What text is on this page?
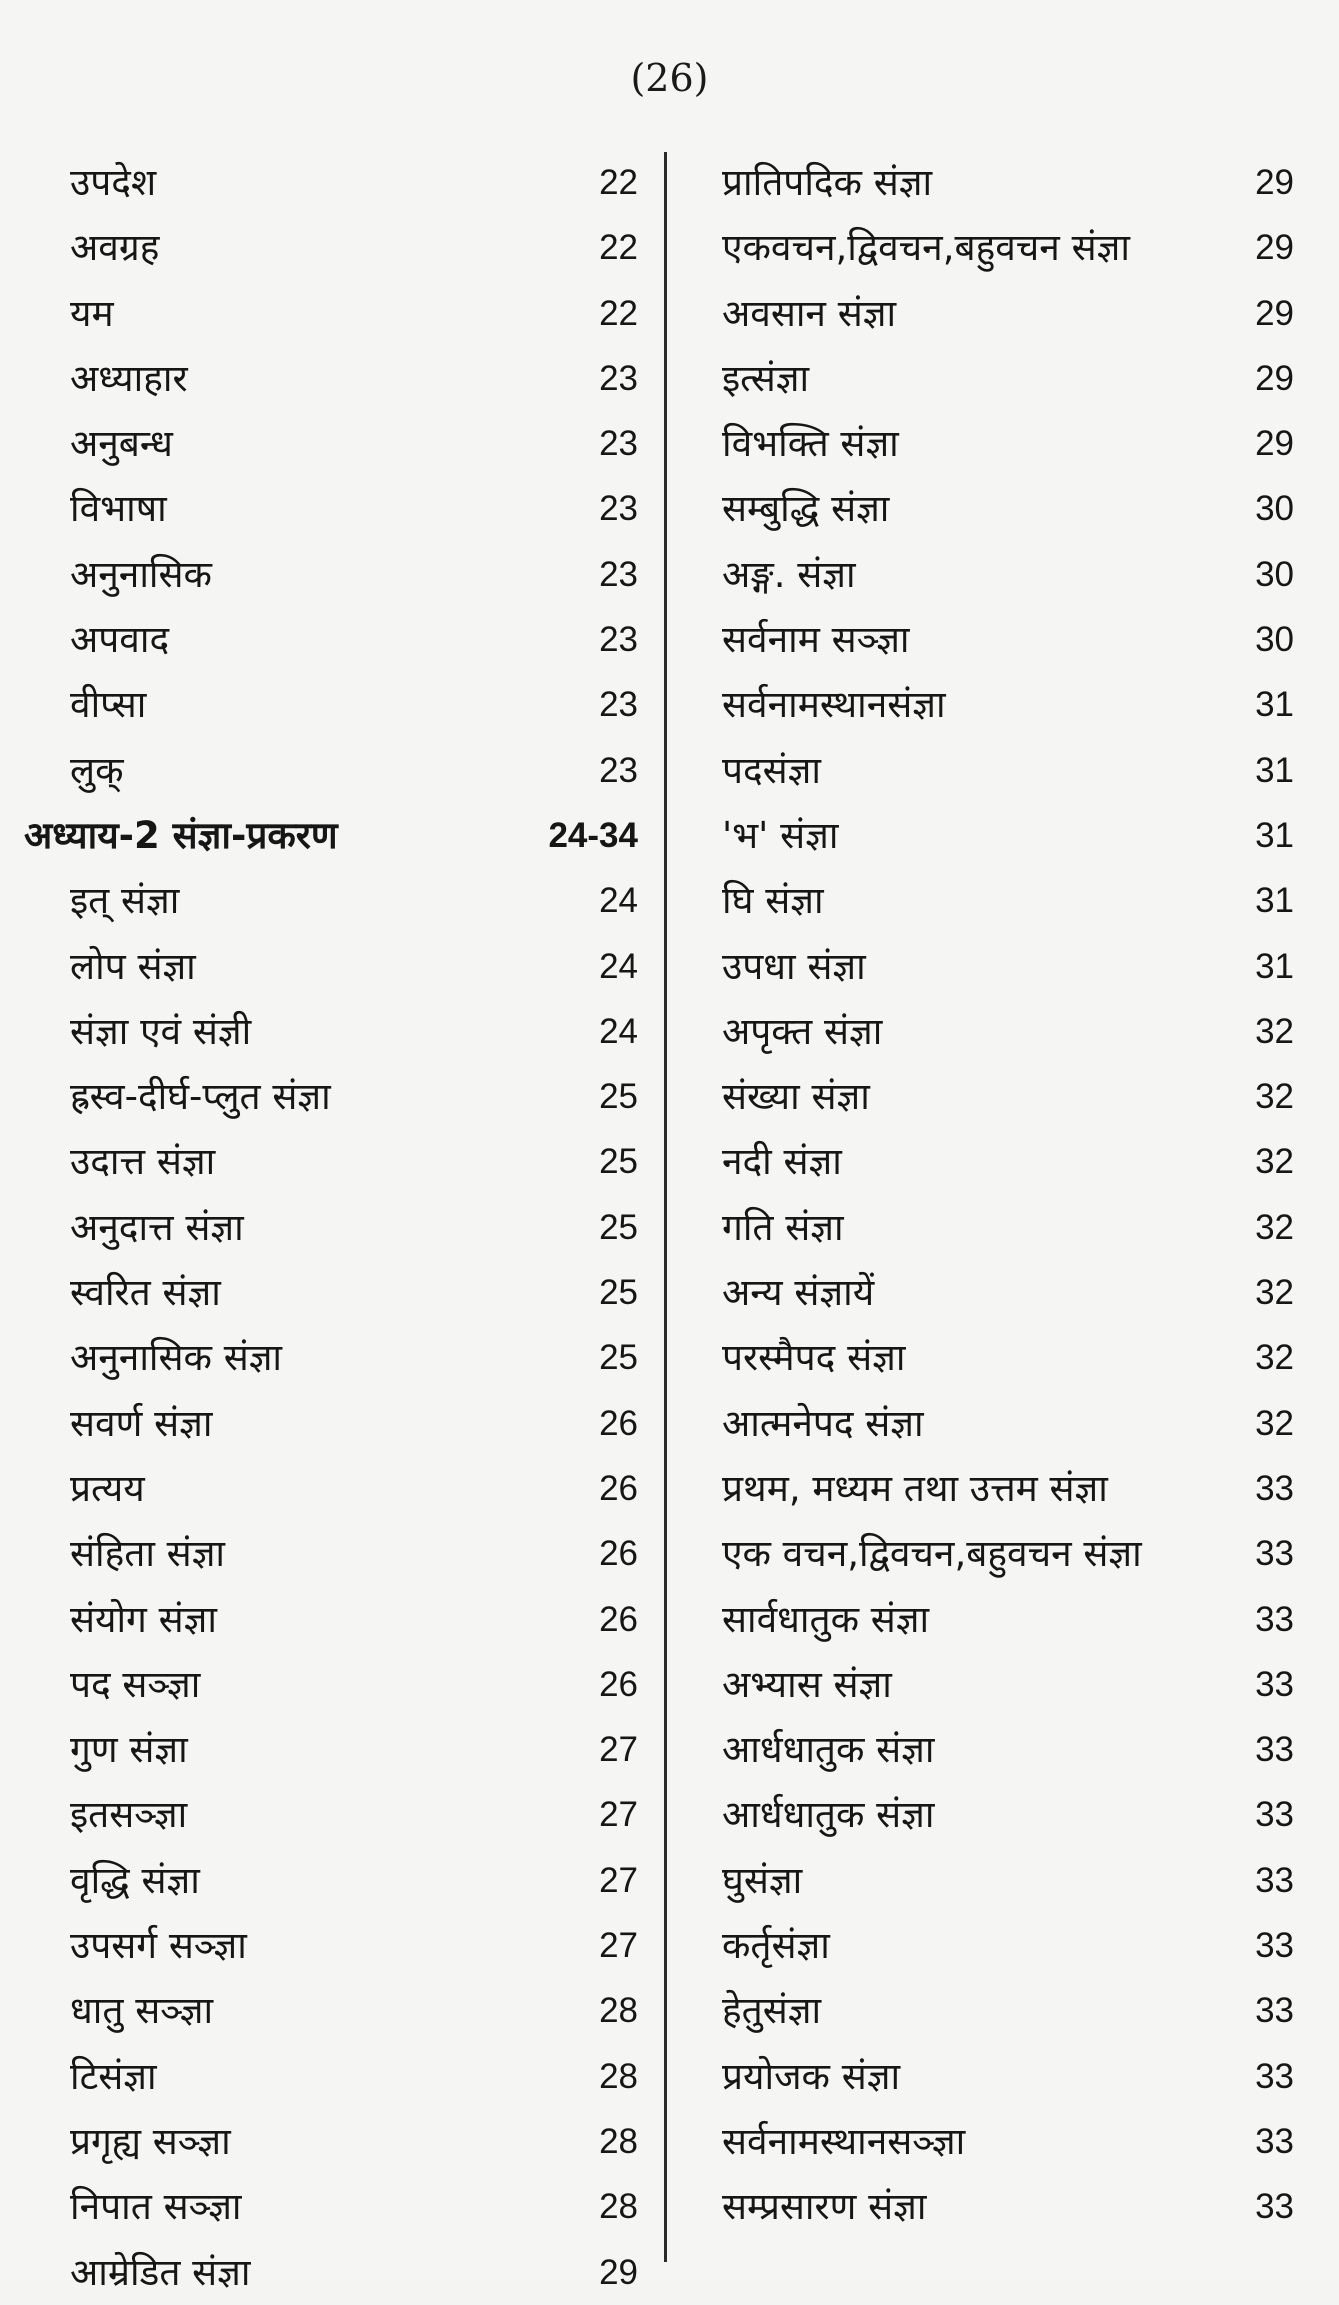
(26)
उपदेश	22
अवग्रह	22
यम	22
अध्याहार	23
अनुबन्ध	23
विभाषा	23
अनुनासिक	23
अपवाद	23
वीप्सा	23
लुक्	23
अध्याय-2 संज्ञा-प्रकरण	24-34
इत् संज्ञा	24
लोप संज्ञा	24
संज्ञा एवं संज्ञी	24
ह्रस्व-दीर्घ-प्लुत संज्ञा	25
उदात्त संज्ञा	25
अनुदात्त संज्ञा	25
स्वरित संज्ञा	25
अनुनासिक संज्ञा	25
सवर्ण संज्ञा	26
प्रत्यय	26
संहिता संज्ञा	26
संयोग संज्ञा	26
पद सञ्ज्ञा	26
गुण संज्ञा	27
इतसञ्ज्ञा	27
वृद्धि संज्ञा	27
उपसर्ग सञ्ज्ञा	27
धातु सञ्ज्ञा	28
टिसंज्ञा	28
प्रगृह्य सञ्ज्ञा	28
निपात सञ्ज्ञा	28
आम्रेडित संज्ञा	29
प्रातिपदिक संज्ञा	29
एकवचन,द्विवचन,बहुवचन संज्ञा	29
अवसान संज्ञा	29
इत्संज्ञा	29
विभक्ति संज्ञा	29
सम्बुद्धि संज्ञा	30
अङ्ग. संज्ञा	30
सर्वनाम सञ्ज्ञा	30
सर्वनामस्थानसंज्ञा	31
पदसंज्ञा	31
'भ' संज्ञा	31
घि संज्ञा	31
उपधा संज्ञा	31
अपृक्त संज्ञा	32
संख्या संज्ञा	32
नदी संज्ञा	32
गति संज्ञा	32
अन्य संज्ञायें	32
परस्मैपद संज्ञा	32
आत्मनेपद संज्ञा	32
प्रथम, मध्यम तथा उत्तम संज्ञा	33
एक वचन,द्विवचन,बहुवचन संज्ञा	33
सार्वधातुक संज्ञा	33
अभ्यास संज्ञा	33
आर्धधातुक संज्ञा	33
आर्धधातुक संज्ञा	33
घुसंज्ञा	33
कर्तृसंज्ञा	33
हेतुसंज्ञा	33
प्रयोजक संज्ञा	33
सर्वनामस्थानसञ्ज्ञा	33
सम्प्रसारण संज्ञा	33
